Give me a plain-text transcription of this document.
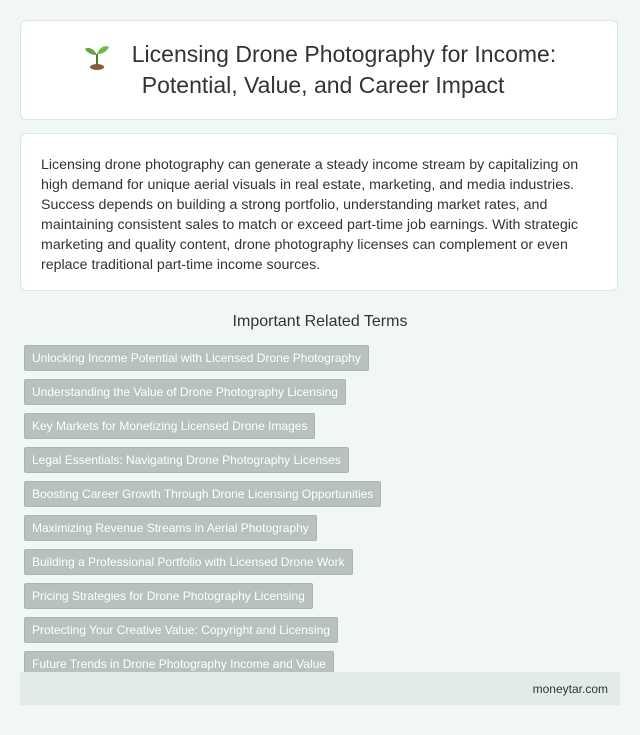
Licensing Drone Photography for Income:
Potential, Value, and Career Impact

Licensing drone photography can generate a steady income stream by capitalizing on high demand for unique aerial visuals in real estate, marketing, and media industries. Success depends on building a strong portfolio, understanding market rates, and maintaining consistent sales to match or exceed part-time job earnings. With strategic marketing and quality content, drone photography licenses can complement or even replace traditional part-time income sources.

Important Related Terms
Unlocking Income Potential with Licensed Drone Photography
Understanding the Value of Drone Photography Licensing
Key Markets for Monetizing Licensed Drone Images
Legal Essentials: Navigating Drone Photography Licenses
Boosting Career Growth Through Drone Licensing Opportunities
Maximizing Revenue Streams in Aerial Photography
Building a Professional Portfolio with Licensed Drone Work
Pricing Strategies for Drone Photography Licensing
Protecting Your Creative Value: Copyright and Licensing
Future Trends in Drone Photography Income and Value
moneytar.com
